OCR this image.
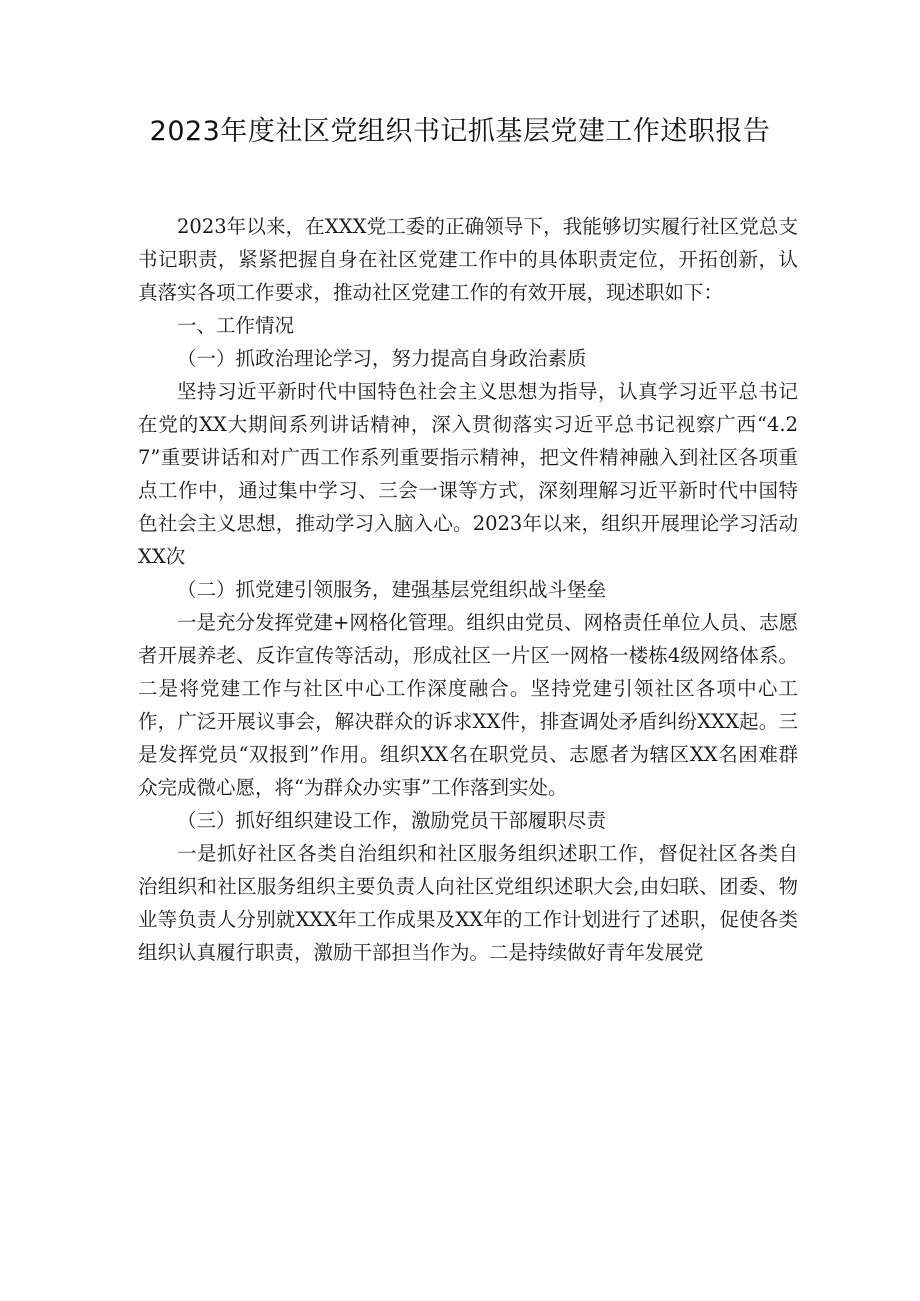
2023年度社区党组织书记抓基层党建工作述职报告

2023年以来，在XXX党工委的正确领导下，我能够切实履行社区党总支书记职责，紧紧把握自身在社区党建工作中的具体职责定位，开拓创新，认真落实各项工作要求，推动社区党建工作的有效开展，现述职如下：

一、工作情况

（一）抓政治理论学习，努力提高自身政治素质

坚持习近平新时代中国特色社会主义思想为指导，认真学习近平总书记在党的XX大期间系列讲话精神，深入贯彻落实习近平总书记视察广西“4.27”重要讲话和对广西工作系列重要指示精神，把文件精神融入到社区各项重点工作中，通过集中学习、三会一课等方式，深刻理解习近平新时代中国特色社会主义思想，推动学习入脑入心。2023年以来，组织开展理论学习活动XX次

（二）抓党建引领服务，建强基层党组织战斗堡垒

一是充分发挥党建+网格化管理。组织由党员、网格责任单位人员、志愿者开展养老、反诈宣传等活动，形成社区一片区一网格一楼栋4级网络体系。二是将党建工作与社区中心工作深度融合。坚持党建引领社区各项中心工作，广泛开展议事会，解决群众的诉求XX件，排查调处矛盾纠纷XXX起。三是发挥党员“双报到”作用。组织XX名在职党员、志愿者为辖区XX名困难群众完成微心愿，将“为群众办实事”工作落到实处。

（三）抓好组织建设工作，激励党员干部履职尽责

一是抓好社区各类自治组织和社区服务组织述职工作，督促社区各类自治组织和社区服务组织主要负责人向社区党组织述职大会,由妇联、团委、物业等负责人分别就XXX年工作成果及XX年的工作计划进行了述职，促使各类组织认真履行职责，激励干部担当作为。二是持续做好青年发展党
